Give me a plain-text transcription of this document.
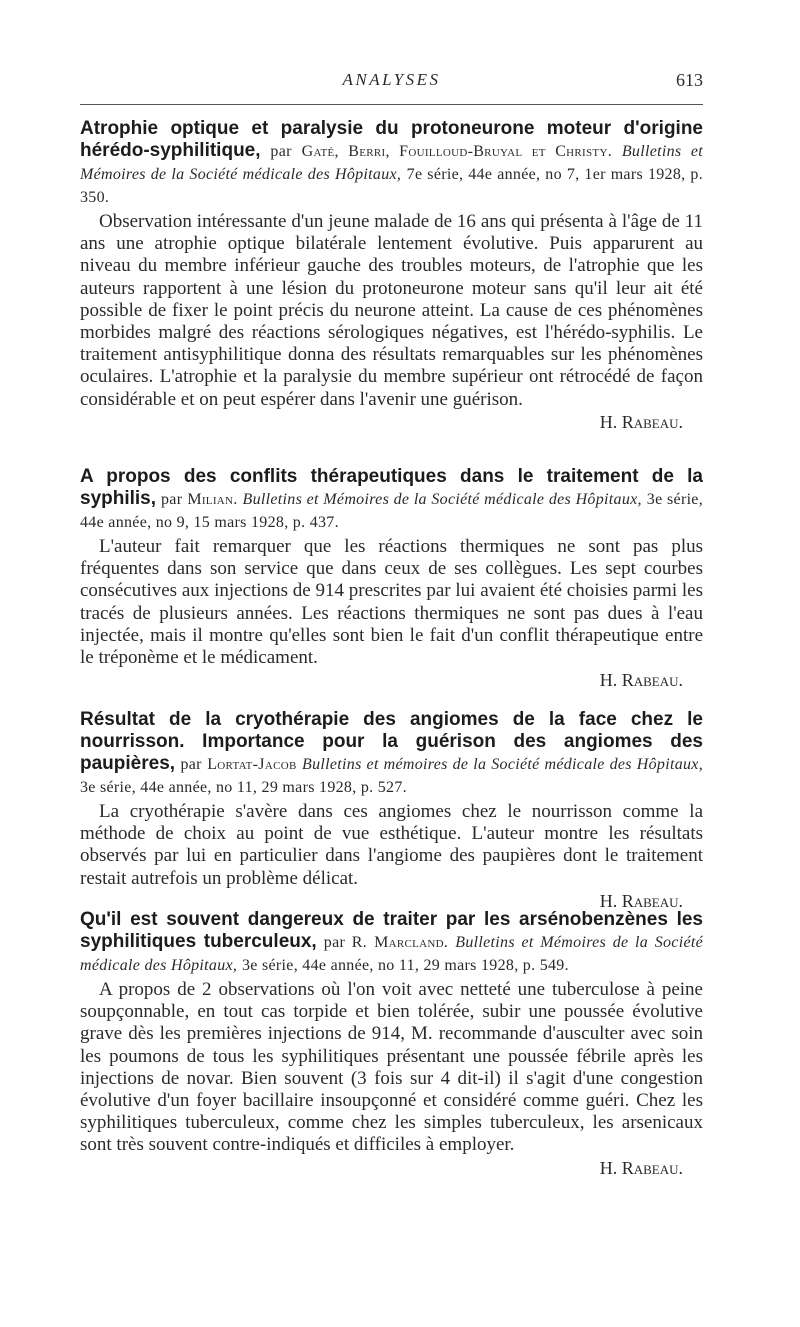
ANALYSES	613

Atrophie optique et paralysie du protoneurone moteur d'origine hérédo-syphilitique, par Gaté, Berri, Fouilloud-Bruyal et Christy. Bulletins et Mémoires de la Société médicale des Hôpitaux, 7e série, 44e année, no 7, 1er mars 1928, p. 350.

Observation intéressante d'un jeune malade de 16 ans qui présenta à l'âge de 11 ans une atrophie optique bilatérale lentement évolutive. Puis apparurent au niveau du membre inférieur gauche des troubles moteurs, de l'atrophie que les auteurs rapportent à une lésion du protoneurone moteur sans qu'il leur ait été possible de fixer le point précis du neurone atteint. La cause de ces phénomènes morbides malgré des réactions sérologiques négatives, est l'hérédo-syphilis. Le traitement antisyphilitique donna des résultats remarquables sur les phénomènes oculaires. L'atrophie et la paralysie du membre supérieur ont rétrocédé de façon considérable et on peut espérer dans l'avenir une guérison.

H. Rabeau.

A propos des conflits thérapeutiques dans le traitement de la syphilis, par Milian. Bulletins et Mémoires de la Société médicale des Hôpitaux, 3e série, 44e année, no 9, 15 mars 1928, p. 437.

L'auteur fait remarquer que les réactions thermiques ne sont pas plus fréquentes dans son service que dans ceux de ses collègues. Les sept courbes consécutives aux injections de 914 prescrites par lui avaient été choisies parmi les tracés de plusieurs années. Les réactions thermiques ne sont pas dues à l'eau injectée, mais il montre qu'elles sont bien le fait d'un conflit thérapeutique entre le tréponème et le médicament.

H. Rabeau.

Résultat de la cryothérapie des angiomes de la face chez le nourrisson. Importance pour la guérison des angiomes des paupières, par Lortat-Jacob Bulletins et mémoires de la Société médicale des Hôpitaux, 3e série, 44e année, no 11, 29 mars 1928, p. 527.

La cryothérapie s'avère dans ces angiomes chez le nourrisson comme la méthode de choix au point de vue esthétique. L'auteur montre les résultats observés par lui en particulier dans l'angiome des paupières dont le traitement restait autrefois un problème délicat.

H. Rabeau.

Qu'il est souvent dangereux de traiter par les arsénobenzènes les syphilitiques tuberculeux, par R. Marcland. Bulletins et Mémoires de la Société médicale des Hôpitaux, 3e série, 44e année, no 11, 29 mars 1928, p. 549.

A propos de 2 observations où l'on voit avec netteté une tuberculose à peine soupçonnable, en tout cas torpide et bien tolérée, subir une poussée évolutive grave dès les premières injections de 914, M. recommande d'ausculter avec soin les poumons de tous les syphilitiques présentant une poussée fébrile après les injections de novar. Bien souvent (3 fois sur 4 dit-il) il s'agit d'une congestion évolutive d'un foyer bacillaire insoupçonné et considéré comme guéri. Chez les syphilitiques tuberculeux, comme chez les simples tuberculeux, les arsenicaux sont très souvent contre-indiqués et difficiles à employer.

H. Rabeau.
